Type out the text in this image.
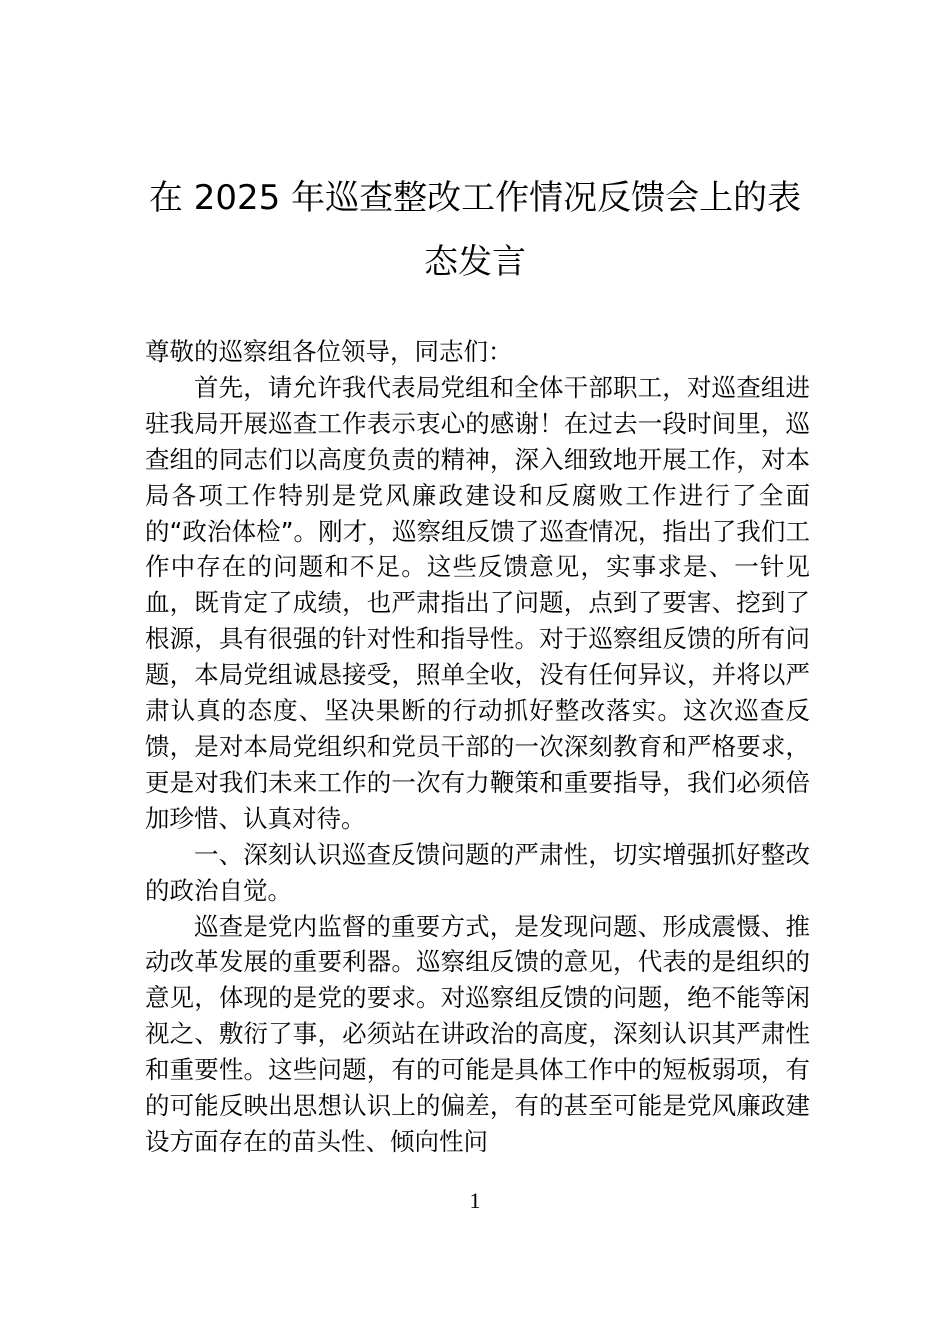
在 2025 年巡查整改工作情况反馈会上的表态发言

尊敬的巡察组各位领导，同志们：

首先，请允许我代表局党组和全体干部职工，对巡查组进驻我局开展巡查工作表示衷心的感谢！在过去一段时间里，巡查组的同志们以高度负责的精神，深入细致地开展工作，对本局各项工作特别是党风廉政建设和反腐败工作进行了全面的“政治体检”。刚才，巡察组反馈了巡查情况，指出了我们工作中存在的问题和不足。这些反馈意见，实事求是、一针见血，既肯定了成绩，也严肃指出了问题，点到了要害、挖到了根源，具有很强的针对性和指导性。对于巡察组反馈的所有问题，本局党组诚恳接受，照单全收，没有任何异议，并将以严肃认真的态度、坚决果断的行动抓好整改落实。这次巡查反馈，是对本局党组织和党员干部的一次深刻教育和严格要求，更是对我们未来工作的一次有力鞭策和重要指导，我们必须倍加珍惜、认真对待。

一、深刻认识巡查反馈问题的严肃性，切实增强抓好整改的政治自觉。

巡查是党内监督的重要方式，是发现问题、形成震慑、推动改革发展的重要利器。巡察组反馈的意见，代表的是组织的意见，体现的是党的要求。对巡察组反馈的问题，绝不能等闲视之、敷衍了事，必须站在讲政治的高度，深刻认识其严肃性和重要性。这些问题，有的可能是具体工作中的短板弱项，有的可能反映出思想认识上的偏差，有的甚至可能是党风廉政建设方面存在的苗头性、倾向性问

1
